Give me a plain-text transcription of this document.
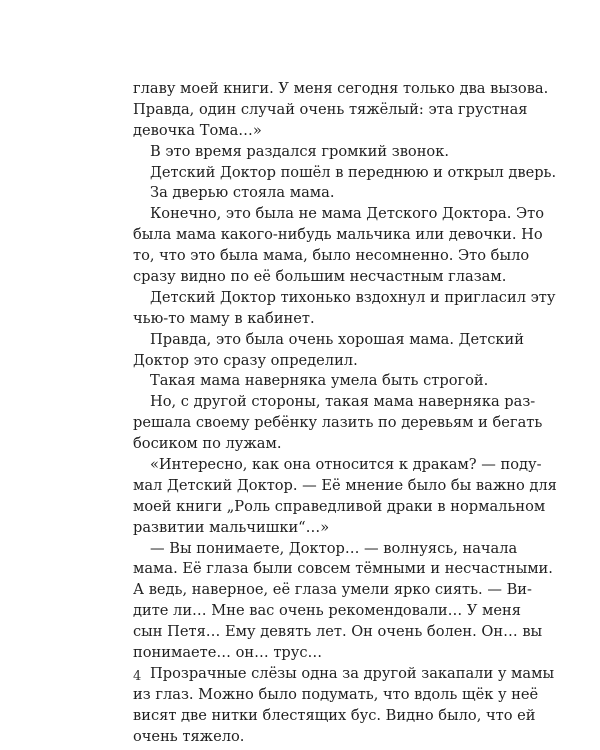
главу моей книги. У меня сегодня только два вызова.
Правда, один случай очень тяжёлый: эта грустная
девочка Тома…»
В это время раздался громкий звонок.
Детский Доктор пошёл в переднюю и открыл дверь.
За дверью стояла мама.
Конечно, это была не мама Детского Доктора. Это
была мама какого-нибудь мальчика или девочки. Но
то, что это была мама, было несомненно. Это было
сразу видно по её большим несчастным глазам.
Детский Доктор тихонько вздохнул и пригласил эту
чью-то маму в кабинет.
Правда, это была очень хорошая мама. Детский
Доктор это сразу определил.
Такая мама наверняка умела быть строгой.
Но, с другой стороны, такая мама наверняка раз-
решала своему ребёнку лазить по деревьям и бегать
босиком по лужам.
«Интересно, как она относится к дракам? — поду-
мал Детский Доктор. — Её мнение было бы важно для
моей книги „Роль справедливой драки в нормальном
развитии мальчишки“…»
— Вы понимаете, Доктор… — волнуясь, начала
мама. Её глаза были совсем тёмными и несчастными.
А ведь, наверное, её глаза умели ярко сиять. — Ви-
дите ли… Мне вас очень рекомендовали… У меня
сын Петя… Ему девять лет. Он очень болен. Он… вы
понимаете… он… трус…
Прозрачные слёзы одна за другой закапали у мамы
из глаз. Можно было подумать, что вдоль щёк у неё
висят две нитки блестящих бус. Видно было, что ей
очень тяжело.
4
